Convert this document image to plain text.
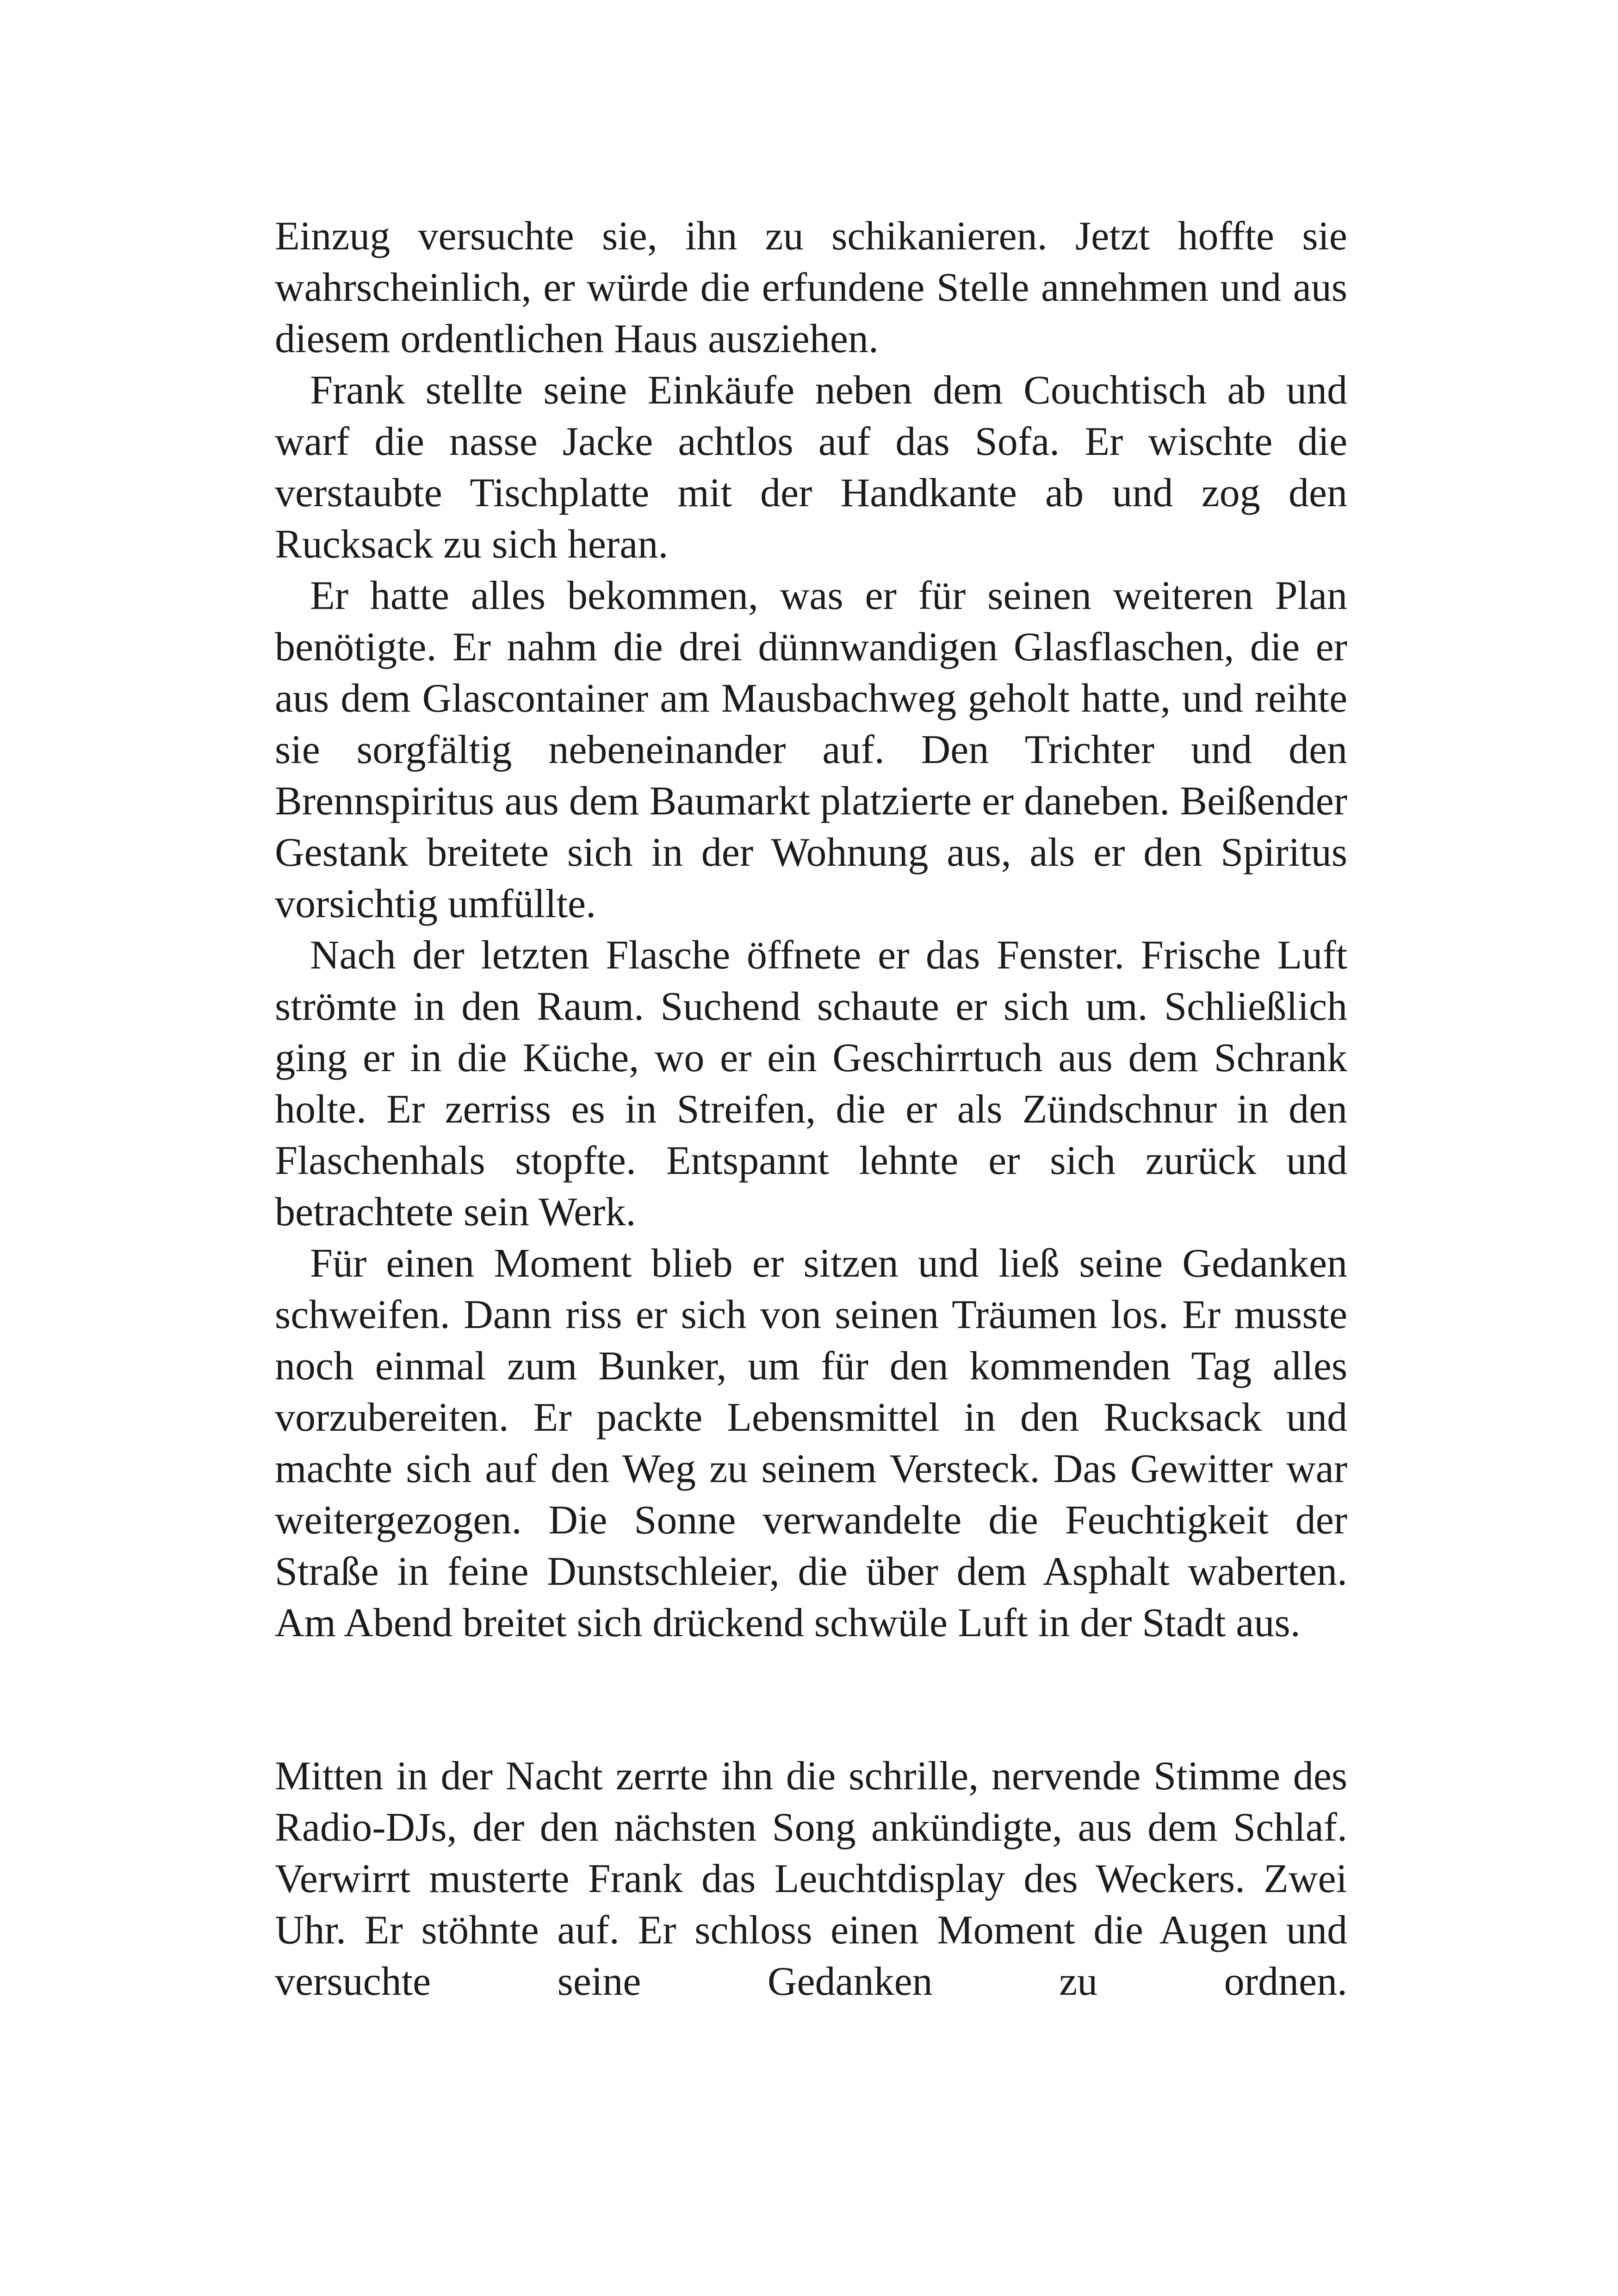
Einzug versuchte sie, ihn zu schikanieren. Jetzt hoffte sie wahrscheinlich, er würde die erfundene Stelle annehmen und aus diesem ordentlichen Haus ausziehen.

Frank stellte seine Einkäufe neben dem Couchtisch ab und warf die nasse Jacke achtlos auf das Sofa. Er wischte die verstaubte Tischplatte mit der Handkante ab und zog den Rucksack zu sich heran.

Er hatte alles bekommen, was er für seinen weiteren Plan benötigte. Er nahm die drei dünnwandigen Glasflaschen, die er aus dem Glascontainer am Mausbachweg geholt hatte, und reihte sie sorgfältig nebeneinander auf. Den Trichter und den Brennspiritus aus dem Baumarkt platzierte er daneben. Beißender Gestank breitete sich in der Wohnung aus, als er den Spiritus vorsichtig umfüllte.

Nach der letzten Flasche öffnete er das Fenster. Frische Luft strömte in den Raum. Suchend schaute er sich um. Schließlich ging er in die Küche, wo er ein Geschirrtuch aus dem Schrank holte. Er zerriss es in Streifen, die er als Zündschnur in den Flaschenhals stopfte. Entspannt lehnte er sich zurück und betrachtete sein Werk.

Für einen Moment blieb er sitzen und ließ seine Gedanken schweifen. Dann riss er sich von seinen Träumen los. Er musste noch einmal zum Bunker, um für den kommenden Tag alles vorzubereiten. Er packte Lebensmittel in den Rucksack und machte sich auf den Weg zu seinem Versteck. Das Gewitter war weitergezogen. Die Sonne verwandelte die Feuchtigkeit der Straße in feine Dunstschleier, die über dem Asphalt waberten. Am Abend breitet sich drückend schwüle Luft in der Stadt aus.

Mitten in der Nacht zerrte ihn die schrille, nervende Stimme des Radio-DJs, der den nächsten Song ankündigte, aus dem Schlaf. Verwirrt musterte Frank das Leuchtdisplay des Weckers. Zwei Uhr. Er stöhnte auf. Er schloss einen Moment die Augen und versuchte seine Gedanken zu ordnen.
